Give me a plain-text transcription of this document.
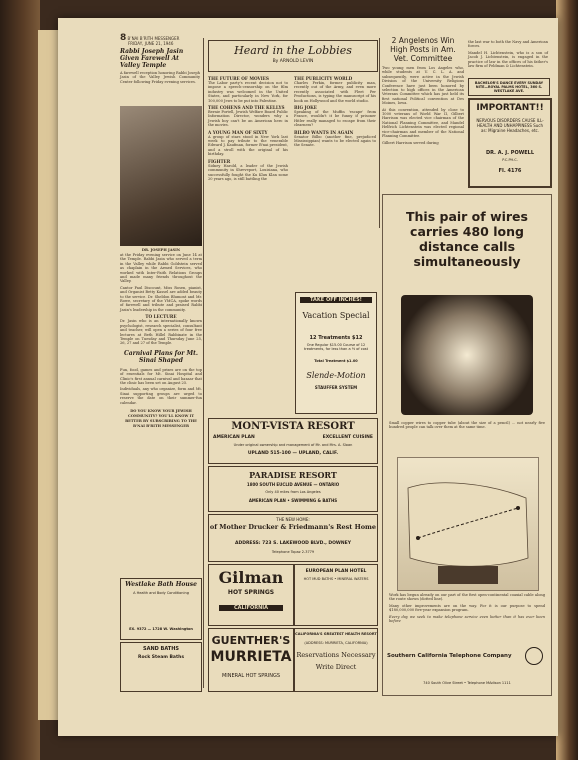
8 B’NAI B’RITH MESSENGER
FRIDAY, JUNE 21, 1946
Rabbi Joseph Jasin Given Farewell At Valley Temple

A farewell reception honoring Rabbi Joseph Jasin of the Valley Jewish Community Center following Friday evening services.

DR. JOSEPH JASIN

at the Friday evening service on June 14 at the Temple. Rabbi Jasin who served a term in the Valley while Rabbi Goldstein served as chaplain in the Armed Services, who worked with Inter-Faith Relations Groups and made many friends throughout the Valley.

Cantor Paul Discount, Miss Rosen, pianist, and Organist Betty Kassel are added beauty to the service. Dr. Sheldon Blumont and Mr. Rowe, secretary of the YMCA, spoke words of farewell and tribute and praised Rabbi Jasin's leadership in the community.

TO LECTURE

Dr. Jasin who is an internationally known psychologist, research specialist, consultant and teacher, will open a series of four free lectures at Beth Hillel Rabbinate in the Temple on Tuesday and Thursday June 25, 26, 27 and 27 of the Temple.

Carnival Plans for Mt. Sinai Shaped

Fun, food, games and prizes are on the top of essentials for Mt. Sinai Hospital and Clinic's first annual carnival and bazaar that the clinic has been set on August 25.

Individuals, any who organize, form and Mt. Sinai supporting groups are urged to reserve the date on their summer-fun calendar.

DO YOU KNOW YOUR JEWISH COMMUNITY? YOU'LL KNOW IT BETTER BY SUBSCRIBING TO THE B'NAI B'RITH MESSENGER
Westlake Bath House
A Health and Body Conditioning
EX. 9372 — 1728 W. Washington
SAND BATHS
Rock Steam Baths
Heard in the Lobbies
By ARNOLD LEVIN
THE FUTURE OF MOVIES

The Labor party's recent decision not to impose a speech-censorship on the film industry was welcomed in the United States, and particularly in New York, for 100,000 Jews to be put into Palestine.

THE COHENS AND THE KELLYS

Bernie Portell, Jewish Welfare Board Public Information Director, wonders why a Jewish boy can't be an American hero in the movies.

A YOUNG MAN OF SIXTY

A group of stars stood in New York last week to pay tribute to the venerable Edward J. Kaufman, former B'nai president, and a stroll with the original of his birthday.

FIGHTER

Sidney Harold, a leader of the Jewish community in Shreveport, Louisiana, who successfully fought the Ku Klux Klan some 20 years ago, is still battling the

THE PUBLICITY WORLD

Charles Ferkin, former publicity man, recently out of the Army, and even more recently associated with Fleet Per Productions, is typing the manuscript of his book on Hollywood and the world studio.

BIG JOKE

Speaking of the Muffin 'escape' from France, wouldn't it be funny if prisoner Hitler really managed to escape from their clearness?

BILBO WANTS IN AGAIN

Senator Bilbo (another fine, prejudiced Mississippian) wants to be elected again to the Senate.

TAKE OFF INCHES!
Vacation Special
12 Treatments $12
One Regular $15.00 Course of 12 treatments, for less than a ½ of cost
Total Treatment $1.00
Slende-Motion
STAUFFER SYSTEM
MONT-VISTA RESORT
AMERICAN PLAN	EXCELLENT CUISINE
Under original ownership and management of Mr. and Mrs. A. Sloan
UPLAND 515-100 — UPLAND, CALIF.
PARADISE RESORT
1800 SOUTH EUCLID AVENUE — ONTARIO
Only 40 miles from Los Angeles
AMERICAN PLAN • SWIMMING & BATHS
THE NEW HOME:
of Mother Drucker & Friedmann's Rest Home
ADDRESS: 723 S. LAKEWOOD BLVD., DOWNEY
Telephone Topaz 2-3779
Gilman
HOT SPRINGS
CALIFORNIA
EUROPEAN PLAN HOTEL
HOT MUD BATHS • MINERAL WATERS
GUENTHER'S
MURRIETA
MINERAL HOT SPRINGS
CALIFORNIA'S GREATEST HEALTH RESORT
(ADDRESS: MURRIETA, CALIFORNIA)
Reservations Necessary
Write Direct
2 Angelenos Win High Posts in Am. Vet. Committee

Two young men from Los Angeles who, while students at U. C. L. A. and subsequently, were active in the Jewish Division of the University Religious Conference have just been honored by selection to high offices in the American Veterans Committee which has just held its first national Political convention at Des Moines, Iowa.

At this convention, attended by close to 1000 veterans of World War II, Gilbert Harrison was elected vice chairman of the National Planning Committee, and Mandel Helfrich Lichtenstein was elected regional vice-chairman and member of the National Planning Committee.

Gilbert Harrison served during

the last war to both the Navy and American forces.

Mandel H. Lichtenstein, who is a son of Jacob J. Lichtenstein, is engaged in the practice of law in the offices of his father's law firm of Feldman & Lichtenstein.

BACHELOR'S DANCE EVERY SUNDAY NITE—ROYAL PALMS HOTEL, 360 S. WESTLAKE AVE.
IMPORTANT!!
NERVOUS DISORDERS CAUSE ILL-HEALTH AND UNHAPPINESS Such as: Migraine Headaches, etc.
DR. A. J. POWELL
P.C.PH.C.
FI. 4176
This pair of wires carries 480 long distance calls simultaneously

Small copper wires to copper tube (about the size of a pencil) ... not nearly five hundred people can talk over them at the same time.

Work has begun already on our part of the first open-continental coaxial cable along the route shown (dotted line).

Many other improvements are on the way. For it is our purpose to spend $180,000,000 five-year expansion program.

Every day we seek to make telephone service even better than it has ever been before

Southern California Telephone Company
740 South Olive Street • Telephone MAdison 1111
